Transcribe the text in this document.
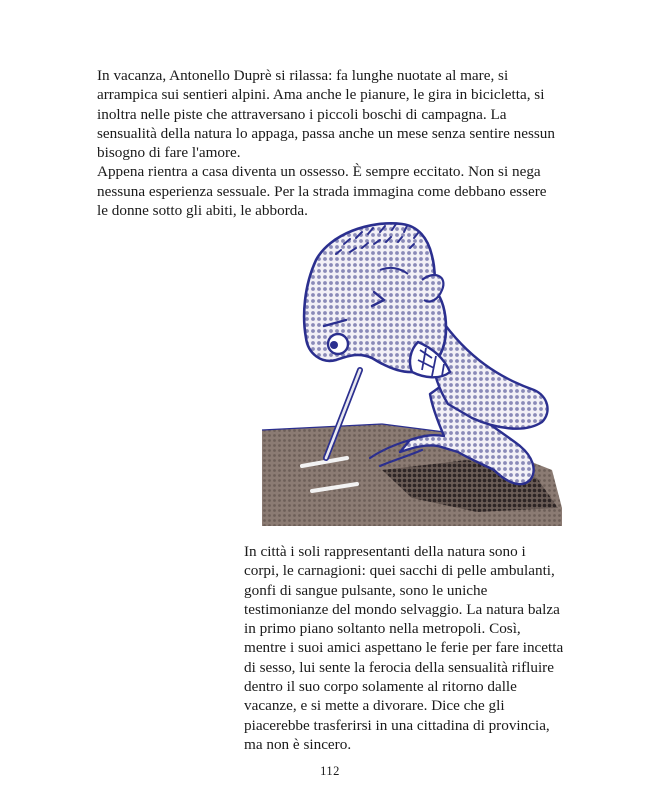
In vacanza, Antonello Duprè si rilassa: fa lunghe nuotate al mare, si arrampica sui sentieri alpini. Ama anche le pianure, le gira in bicicletta, si inoltra nelle piste che attraversano i piccoli boschi di campagna. La sensualità della natura lo appaga, passa anche un mese senza sentire nessun bisogno di fare l'amore.

Appena rientra a casa diventa un ossesso. È sempre eccitato. Non si nega nessuna esperienza sessuale. Per la strada immagina come debbano essere le donne sotto gli abiti, le abborda.

In città i soli rappresentanti della natura sono i corpi, le carnagioni: quei sacchi di pelle ambulanti, gonfi di sangue pulsante, sono le uniche testimonianze del mondo selvaggio. La natura balza in primo piano soltanto nella metropoli. Così, mentre i suoi amici aspettano le ferie per fare incetta di sesso, lui sente la ferocia della sensualità rifluire dentro il suo corpo solamente al ritorno dalle vacanze, e si mette a divorare. Dice che gli piacerebbe trasferirsi in una cittadina di provincia, ma non è sincero.

112
